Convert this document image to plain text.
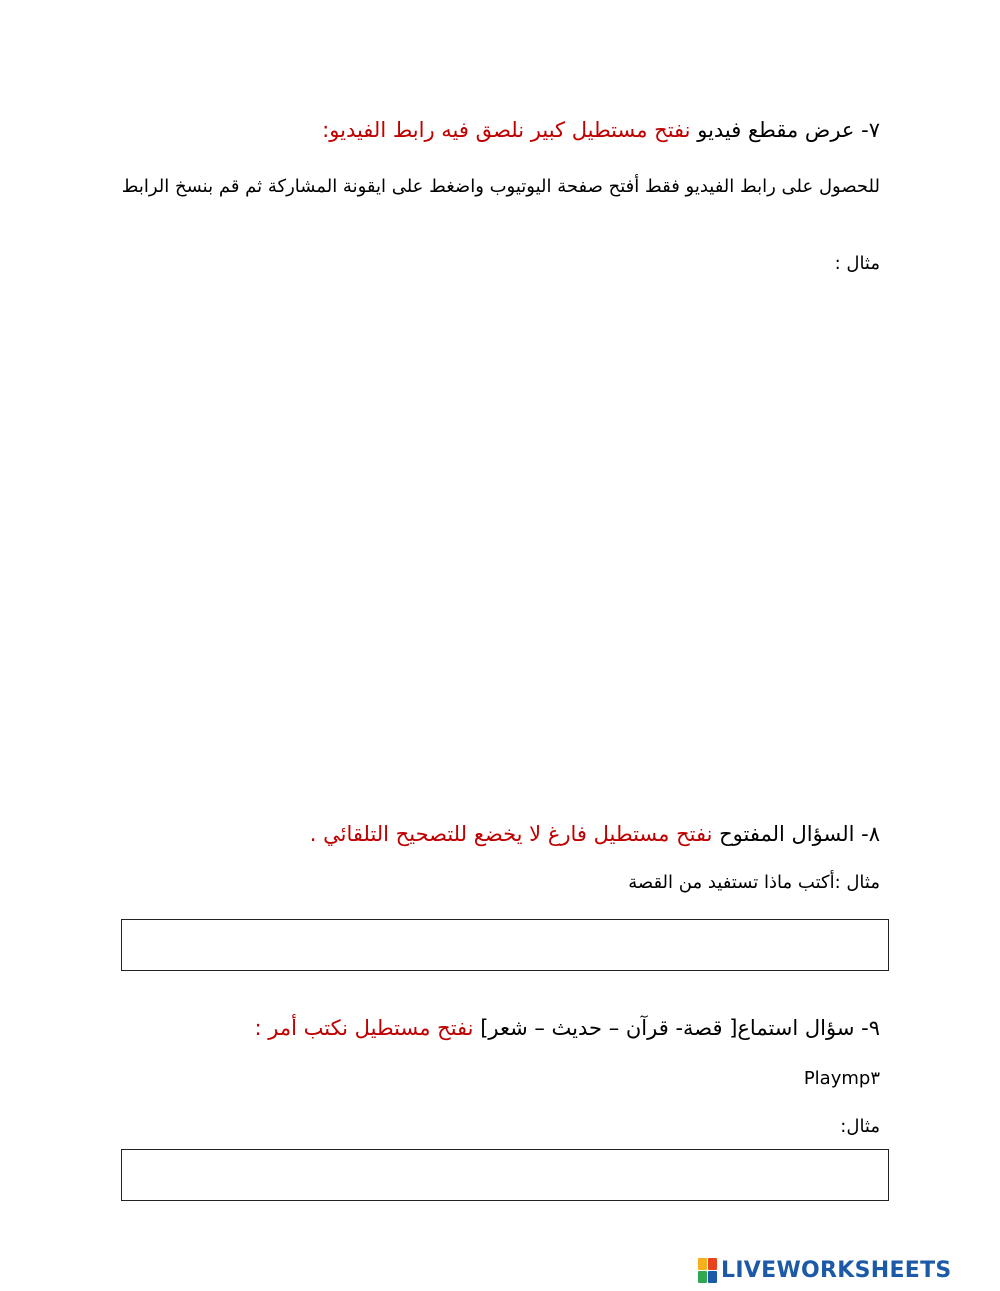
٧- عرض مقطع فيديو نفتح مستطيل كبير نلصق فيه رابط الفيديو:
للحصول على رابط الفيديو فقط أفتح صفحة اليوتيوب واضغط على ايقونة المشاركة ثم قم بنسخ الرابط
مثال :
٨- السؤال المفتوح نفتح مستطيل فارغ لا يخضع للتصحيح التلقائي .
مثال :أكتب ماذا تستفيد من القصة
٩- سؤال استماع[ قصة- قرآن – حديث – شعر] نفتح مستطيل نكتب أمر :
Playmp٣
مثال:
LIVEWORKSHEETS
